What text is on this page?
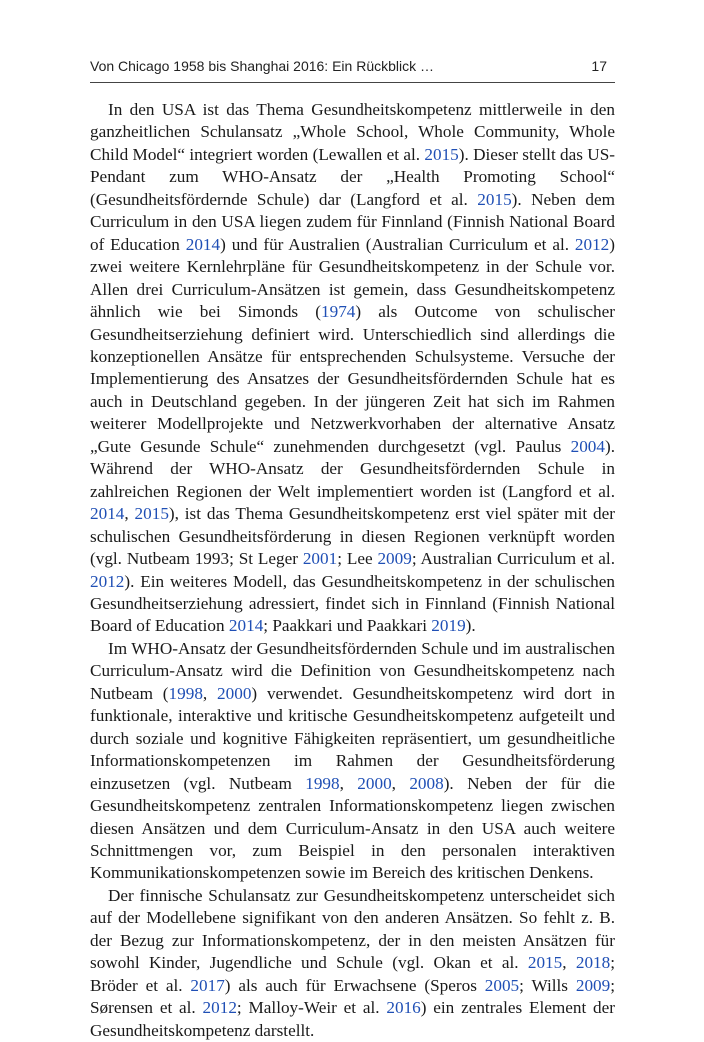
Von Chicago 1958 bis Shanghai 2016: Ein Rückblick …	17

In den USA ist das Thema Gesundheitskompetenz mittlerweile in den ganzheitlichen Schulansatz „Whole School, Whole Community, Whole Child Model“ integriert worden (Lewallen et al. 2015). Dieser stellt das US-Pendant zum WHO-Ansatz der „Health Promoting School“ (Gesundheitsfördernde Schule) dar (Langford et al. 2015). Neben dem Curriculum in den USA liegen zudem für Finnland (Finnish National Board of Education 2014) und für Australien (Australian Curriculum et al. 2012) zwei weitere Kernlehrpläne für Gesundheitskompetenz in der Schule vor. Allen drei Curriculum-Ansätzen ist gemein, dass Gesundheitskompetenz ähnlich wie bei Simonds (1974) als Outcome von schulischer Gesundheitserziehung definiert wird. Unterschiedlich sind allerdings die konzeptionellen Ansätze für entsprechenden Schulsysteme. Versuche der Implementierung des Ansatzes der Gesundheitsfördernden Schule hat es auch in Deutschland gegeben. In der jüngeren Zeit hat sich im Rahmen weiterer Modellprojekte und Netzwerkvorhaben der alternative Ansatz „Gute Gesunde Schule“ zunehmenden durchgesetzt (vgl. Paulus 2004). Während der WHO-Ansatz der Gesundheitsfördernden Schule in zahlreichen Regionen der Welt implementiert worden ist (Langford et al. 2014, 2015), ist das Thema Gesundheitskompetenz erst viel später mit der schulischen Gesundheitsförderung in diesen Regionen verknüpft worden (vgl. Nutbeam 1993; St Leger 2001; Lee 2009; Australian Curriculum et al. 2012). Ein weiteres Modell, das Gesundheitskompetenz in der schulischen Gesundheitserziehung adressiert, findet sich in Finnland (Finnish National Board of Education 2014; Paakkari und Paakkari 2019).

Im WHO-Ansatz der Gesundheitsfördernden Schule und im australischen Curriculum-Ansatz wird die Definition von Gesundheitskompetenz nach Nutbeam (1998, 2000) verwendet. Gesundheitskompetenz wird dort in funktionale, interaktive und kritische Gesundheitskompetenz aufgeteilt und durch soziale und kognitive Fähigkeiten repräsentiert, um gesundheitliche Informationskompetenzen im Rahmen der Gesundheitsförderung einzusetzen (vgl. Nutbeam 1998, 2000, 2008). Neben der für die Gesundheitskompetenz zentralen Informationskompetenz liegen zwischen diesen Ansätzen und dem Curriculum-Ansatz in den USA auch weitere Schnittmengen vor, zum Beispiel in den personalen interaktiven Kommunikationskompetenzen sowie im Bereich des kritischen Denkens.

Der finnische Schulansatz zur Gesundheitskompetenz unterscheidet sich auf der Modellebene signifikant von den anderen Ansätzen. So fehlt z. B. der Bezug zur Informationskompetenz, der in den meisten Ansätzen für sowohl Kinder, Jugendliche und Schule (vgl. Okan et al. 2015, 2018; Bröder et al. 2017) als auch für Erwachsene (Speros 2005; Wills 2009; Sørensen et al. 2012; Malloy-Weir et al. 2016) ein zentrales Element der Gesundheitskompetenz darstellt.
